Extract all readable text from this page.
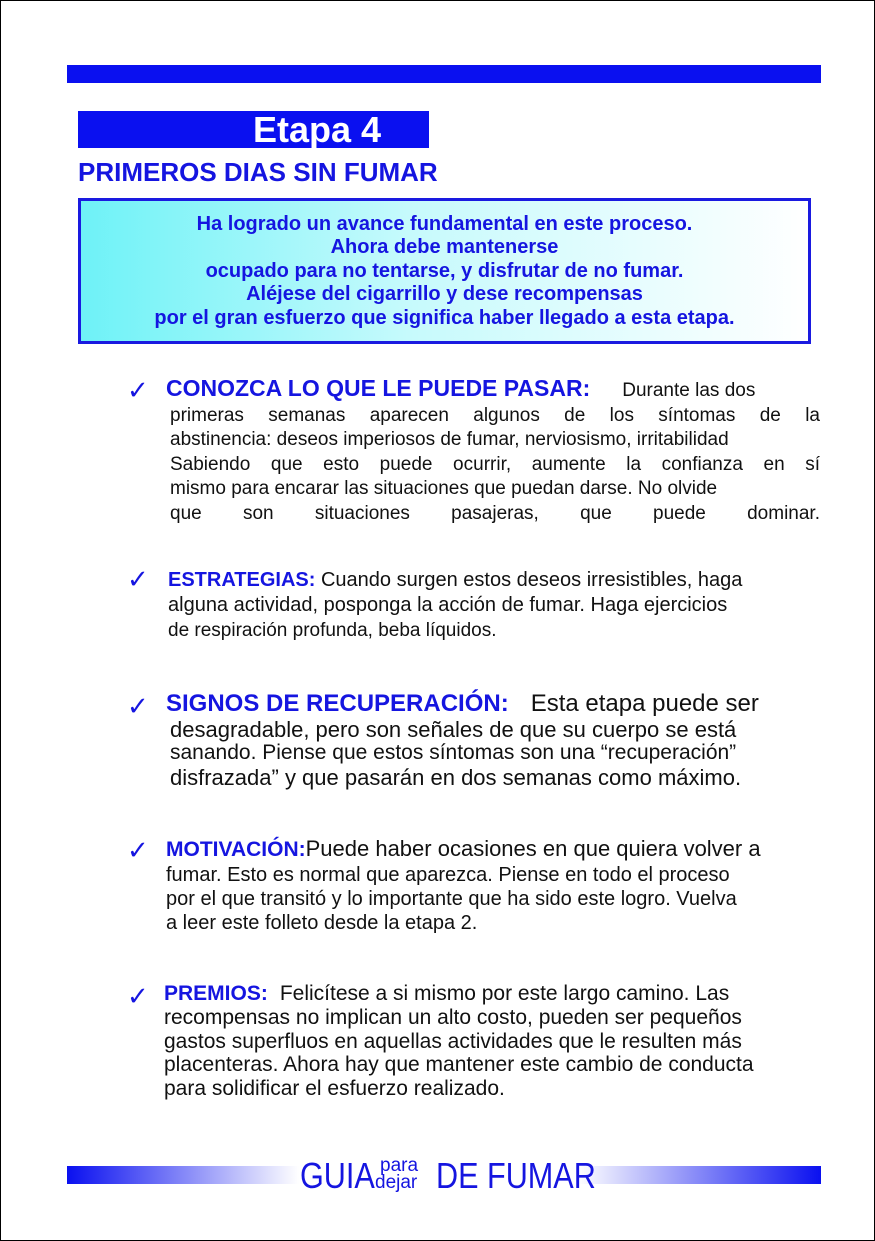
Etapa 4
PRIMEROS DIAS SIN FUMAR
Ha logrado un avance fundamental en este proceso.
Ahora debe mantenerse
ocupado para no tentarse, y disfrutar de no fumar.
Aléjese del cigarrillo y dese recompensas
por el gran esfuerzo que significa haber llegado a esta etapa.
✓ CONOZCA LO QUE LE PUEDE PASAR: Durante las dos
primeras semanas aparecen algunos de los síntomas de la
abstinencia: deseos imperiosos de fumar, nerviosismo, irritabilidad
Sabiendo que esto puede ocurrir, aumente la confianza en sí
mismo para encarar las situaciones que puedan darse. No olvide
que son situaciones pasajeras, que puede dominar.
✓ ESTRATEGIAS: Cuando surgen estos deseos irresistibles, haga
alguna actividad, posponga la acción de fumar. Haga ejercicios
de respiración profunda, beba líquidos.
✓ SIGNOS DE RECUPERACIÓN: Esta etapa puede ser
desagradable, pero son señales de que su cuerpo se está
sanando. Piense que estos síntomas son una “recuperación”
disfrazada” y que pasarán en dos semanas como máximo.
✓ MOTIVACIÓN:Puede haber ocasiones en que quiera volver a
fumar. Esto es normal que aparezca. Piense en todo el proceso
por el que transitó y lo importante que ha sido este logro. Vuelva
a leer este folleto desde la etapa 2.
✓ PREMIOS: Felicítese a si mismo por este largo camino. Las
recompensas no implican un alto costo, pueden ser pequeños
gastos superfluos en aquellas actividades que le resulten más
placenteras. Ahora hay que mantener este cambio de conducta
para solidificar el esfuerzo realizado.
GUIA para
dejar DE FUMAR
